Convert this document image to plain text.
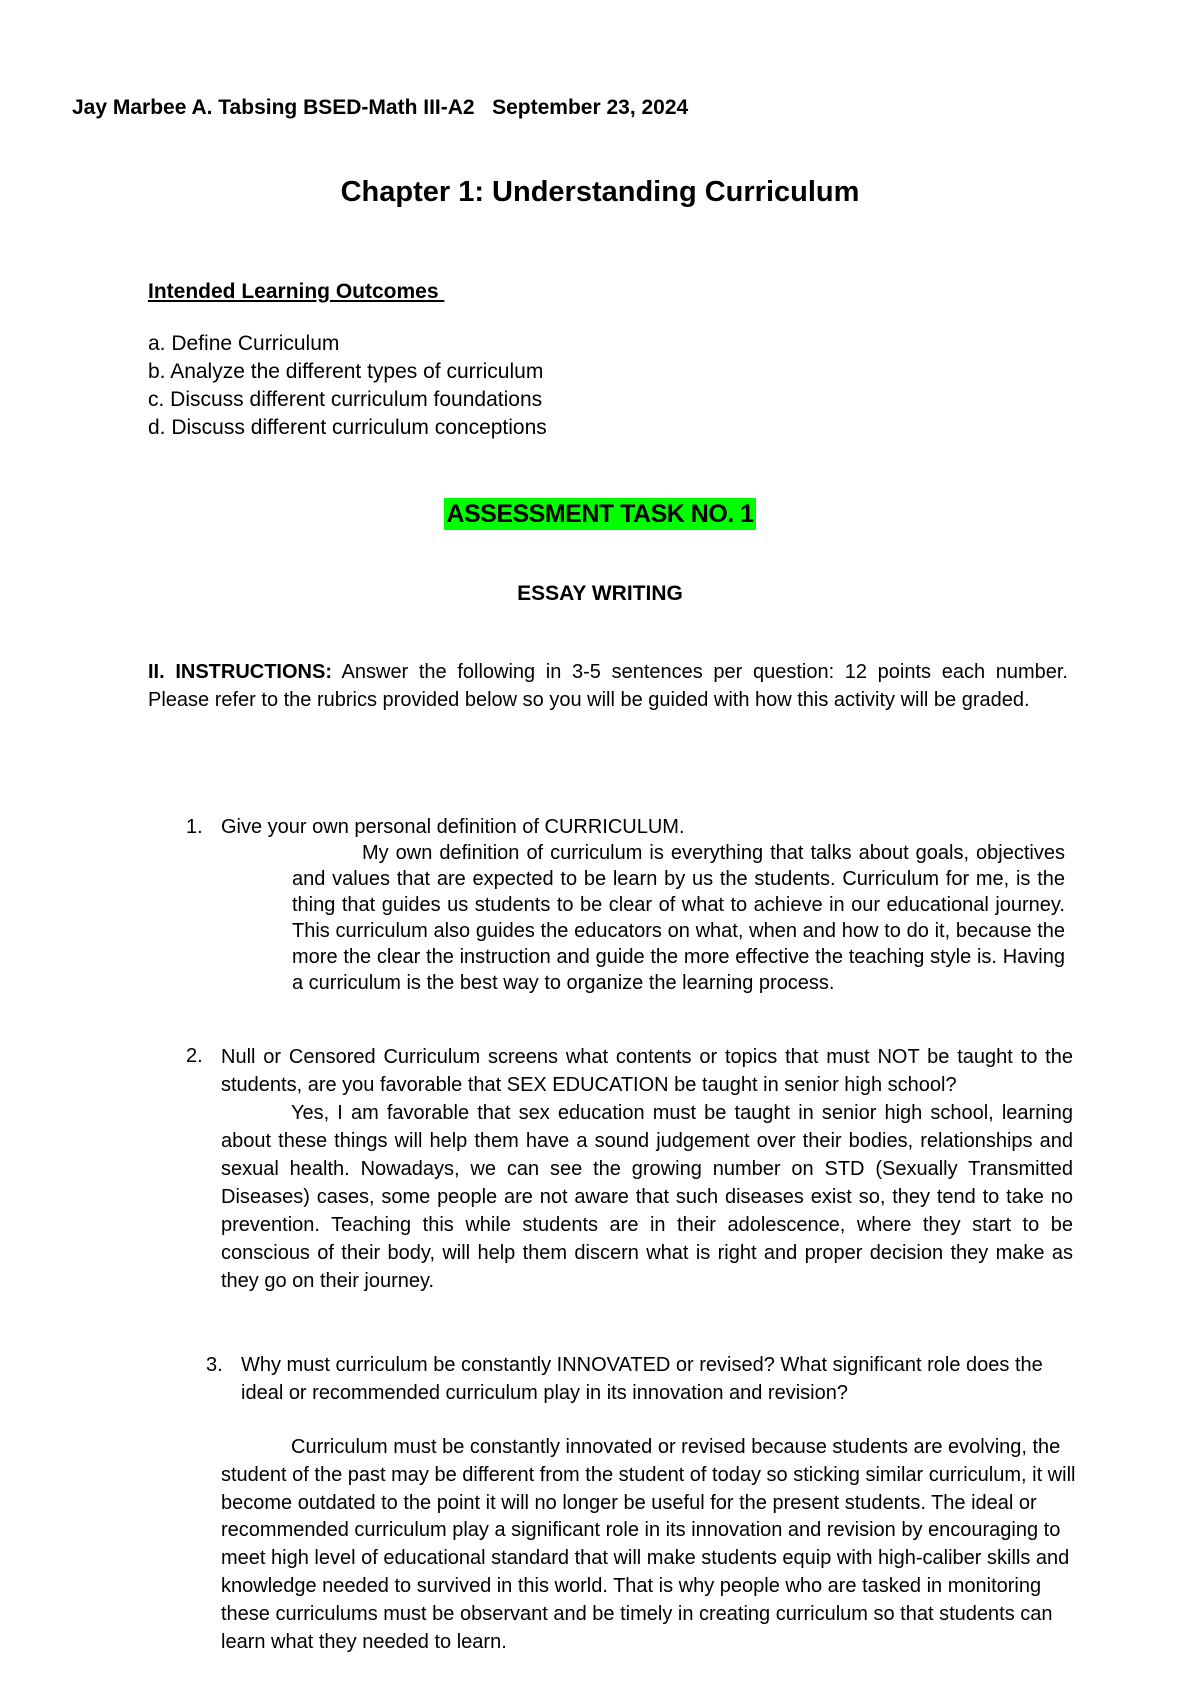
Jay Marbee A. Tabsing BSED-Math III-A2   September 23, 2024
Chapter 1: Understanding Curriculum
Intended Learning Outcomes
a. Define Curriculum
b. Analyze the different types of curriculum
c. Discuss different curriculum foundations
d. Discuss different curriculum conceptions
ASSESSMENT TASK NO. 1
ESSAY WRITING

II. INSTRUCTIONS: Answer the following in 3-5 sentences per question: 12 points each number. Please refer to the rubrics provided below so you will be guided with how this activity will be graded.

1. Give your own personal definition of CURRICULUM.

My own definition of curriculum is everything that talks about goals, objectives and values that are expected to be learn by us the students. Curriculum for me, is the thing that guides us students to be clear of what to achieve in our educational journey. This curriculum also guides the educators on what, when and how to do it, because the more the clear the instruction and guide the more effective the teaching style is. Having a curriculum is the best way to organize the learning process.

2. Null or Censored Curriculum screens what contents or topics that must NOT be taught to the students, are you favorable that SEX EDUCATION be taught in senior high school?

Yes, I am favorable that sex education must be taught in senior high school, learning about these things will help them have a sound judgement over their bodies, relationships and sexual health. Nowadays, we can see the growing number on STD (Sexually Transmitted Diseases) cases, some people are not aware that such diseases exist so, they tend to take no prevention. Teaching this while students are in their adolescence, where they start to be conscious of their body, will help them discern what is right and proper decision they make as they go on their journey.

3. Why must curriculum be constantly INNOVATED or revised? What significant role does the ideal or recommended curriculum play in its innovation and revision?

Curriculum must be constantly innovated or revised because students are evolving, the student of the past may be different from the student of today so sticking similar curriculum, it will become outdated to the point it will no longer be useful for the present students. The ideal or recommended curriculum play a significant role in its innovation and revision by encouraging to meet high level of educational standard that will make students equip with high-caliber skills and knowledge needed to survived in this world. That is why people who are tasked in monitoring these curriculums must be observant and be timely in creating curriculum so that students can learn what they needed to learn.
